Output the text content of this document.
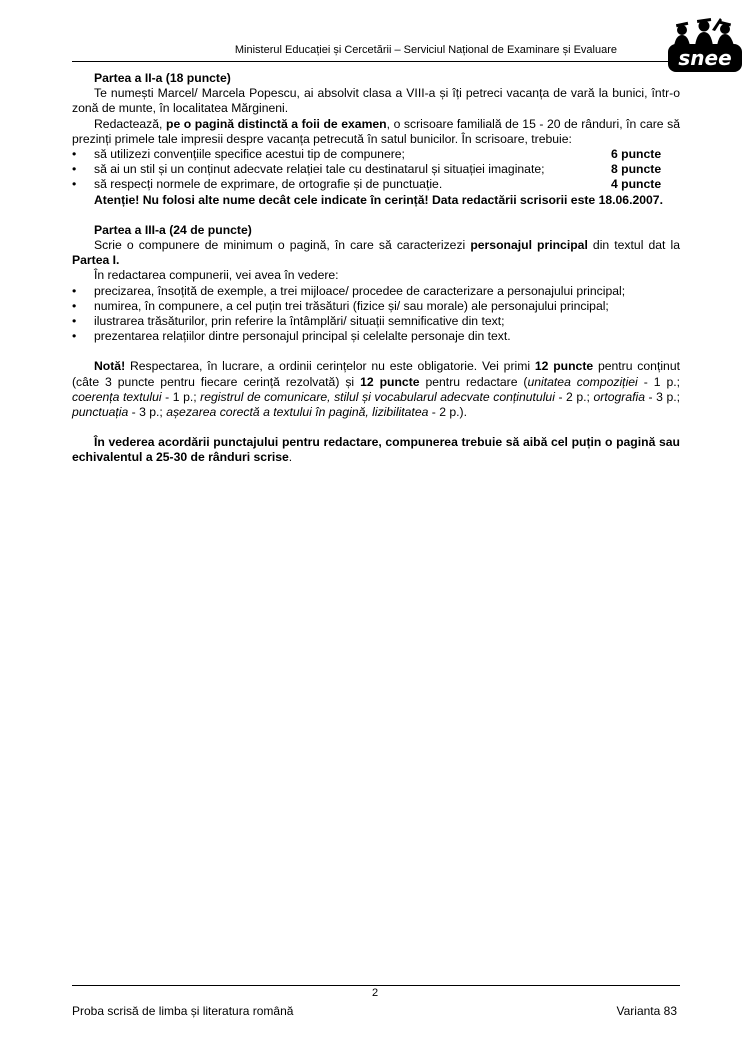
Ministerul Educației și Cercetării – Serviciul Național de Examinare și Evaluare	snee

Partea a II-a (18 puncte)

Te numești Marcel/ Marcela Popescu, ai absolvit clasa a VIII-a și îți petreci vacanța de vară la bunici, într-o zonă de munte, în localitatea Mărgineni.

Redactează, pe o pagină distinctă a foii de examen, o scrisoare familială de 15 - 20 de rânduri, în care să prezinți primele tale impresii despre vacanța petrecută în satul bunicilor. În scrisoare, trebuie:

• să utilizezi convențiile specifice acestui tip de compunere;	6 puncte
• să ai un stil și un conținut adecvate relației tale cu destinatarul și situației imaginate;	8 puncte
• să respecți normele de exprimare, de ortografie și de punctuație.	4 puncte

Atenție! Nu folosi alte nume decât cele indicate în cerință! Data redactării scrisorii este 18.06.2007.

Partea a III-a (24 de puncte)

Scrie o compunere de minimum o pagină, în care să caracterizezi personajul principal din textul dat la Partea I.

În redactarea compunerii, vei avea în vedere:

• precizarea, însoțită de exemple, a trei mijloace/ procedee de caracterizare a personajului principal;
• numirea, în compunere, a cel puțin trei trăsături (fizice și/ sau morale) ale personajului principal;
• ilustrarea trăsăturilor, prin referire la întâmplări/ situații semnificative din text;
• prezentarea relațiilor dintre personajul principal și celelalte personaje din text.

Notă! Respectarea, în lucrare, a ordinii cerințelor nu este obligatorie. Vei primi 12 puncte pentru conținut (câte 3 puncte pentru fiecare cerință rezolvată) și 12 puncte pentru redactare (unitatea compoziției - 1 p.; coerența textului - 1 p.; registrul de comunicare, stilul și vocabularul adecvate conținutului - 2 p.; ortografia - 3 p.; punctuația - 3 p.; așezarea corectă a textului în pagină, lizibilitatea - 2 p.).

În vederea acordării punctajului pentru redactare, compunerea trebuie să aibă cel puțin o pagină sau echivalentul a 25-30 de rânduri scrise.

2
Proba scrisă de limba și literatura română	Varianta 83
